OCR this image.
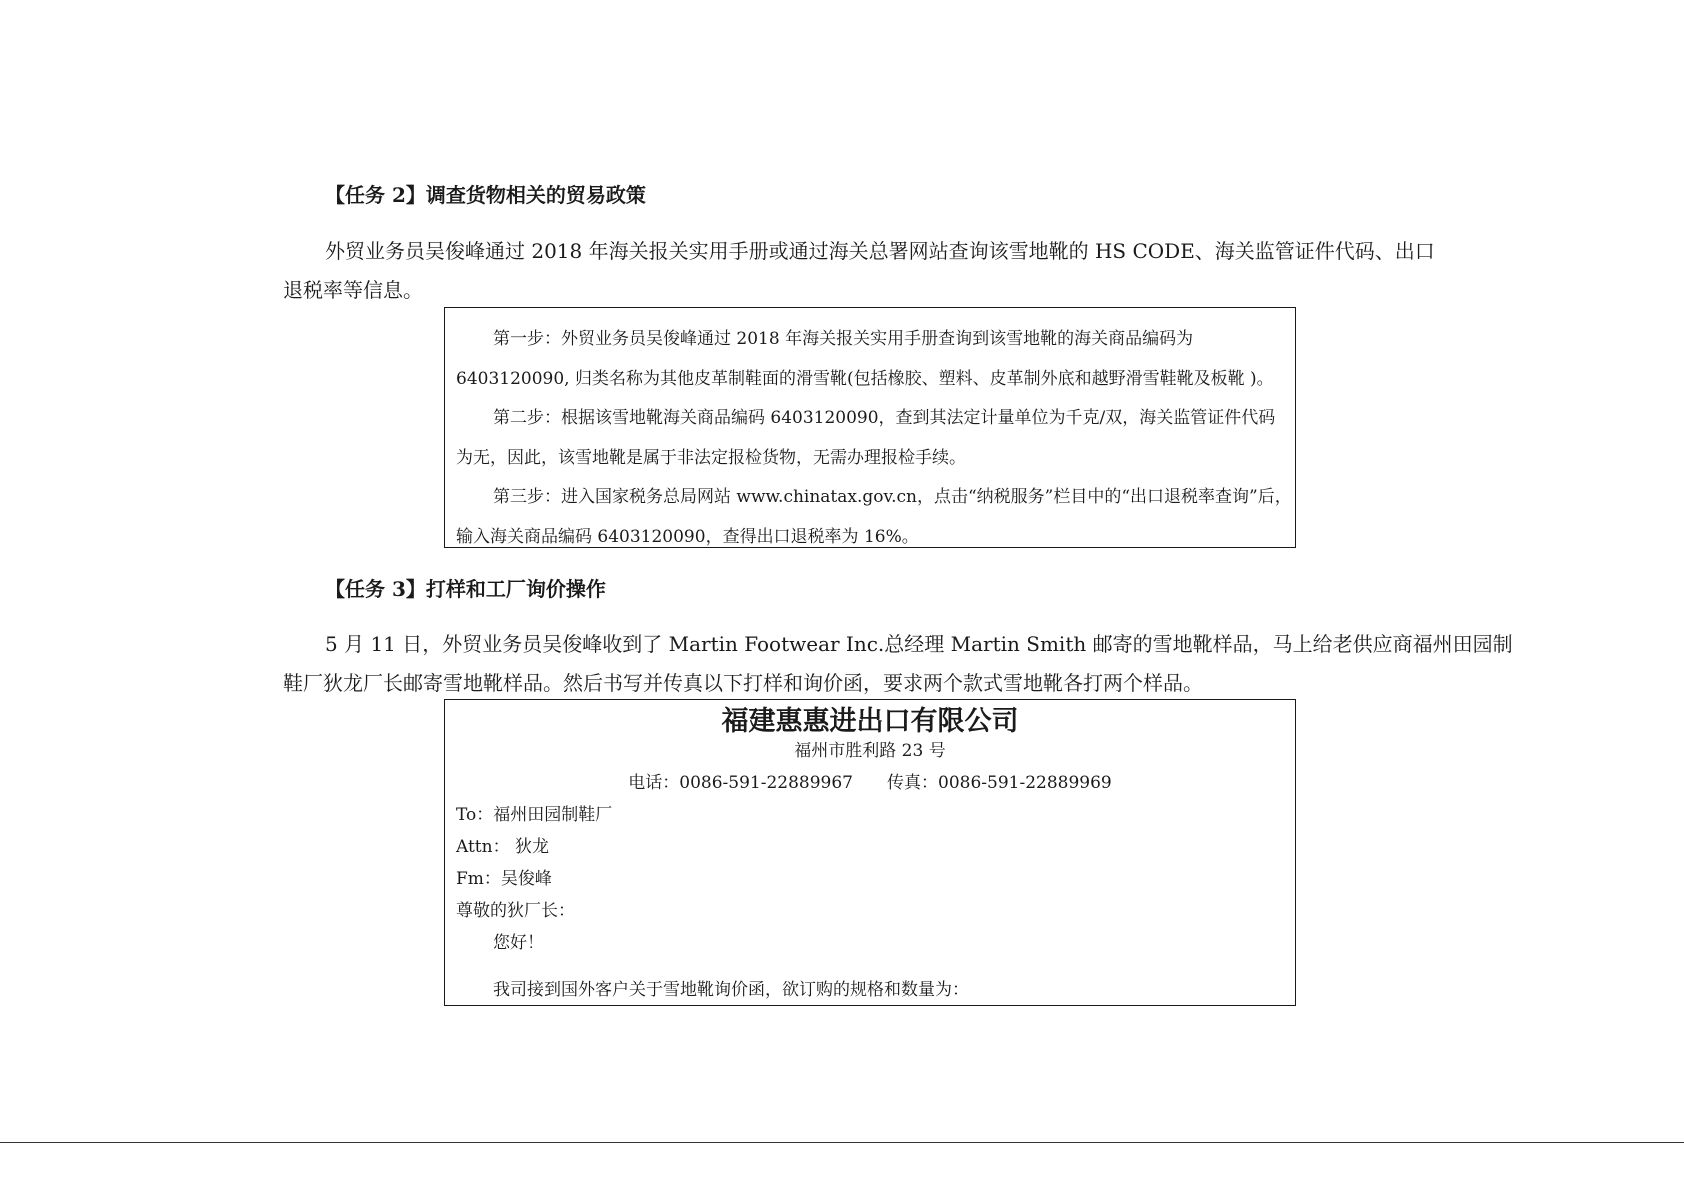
【任务 2】调查货物相关的贸易政策
外贸业务员吴俊峰通过 2018 年海关报关实用手册或通过海关总署网站查询该雪地靴的 HS CODE、海关监管证件代码、出口
退税率等信息。
第一步：外贸业务员吴俊峰通过 2018 年海关报关实用手册查询到该雪地靴的海关商品编码为
6403120090, 归类名称为其他皮革制鞋面的滑雪靴(包括橡胶、塑料、皮革制外底和越野滑雪鞋靴及板靴 )。
第二步：根据该雪地靴海关商品编码 6403120090，查到其法定计量单位为千克/双，海关监管证件代码
为无，因此，该雪地靴是属于非法定报检货物，无需办理报检手续。
第三步：进入国家税务总局网站 www.chinatax.gov.cn，点击“纳税服务”栏目中的“出口退税率查询”后，
输入海关商品编码 6403120090，查得出口退税率为 16%。
【任务 3】打样和工厂询价操作
5 月 11 日，外贸业务员吴俊峰收到了 Martin Footwear Inc.总经理 Martin Smith 邮寄的雪地靴样品，马上给老供应商福州田园制
鞋厂狄龙厂长邮寄雪地靴样品。然后书写并传真以下打样和询价函，要求两个款式雪地靴各打两个样品。
福建惠惠进出口有限公司
福州市胜利路 23 号
电话：0086-591-22889967 传真：0086-591-22889969
To：福州田园制鞋厂
Attn： 狄龙
Fm：吴俊峰
尊敬的狄厂长：
您好！
我司接到国外客户关于雪地靴询价函，欲订购的规格和数量为：
